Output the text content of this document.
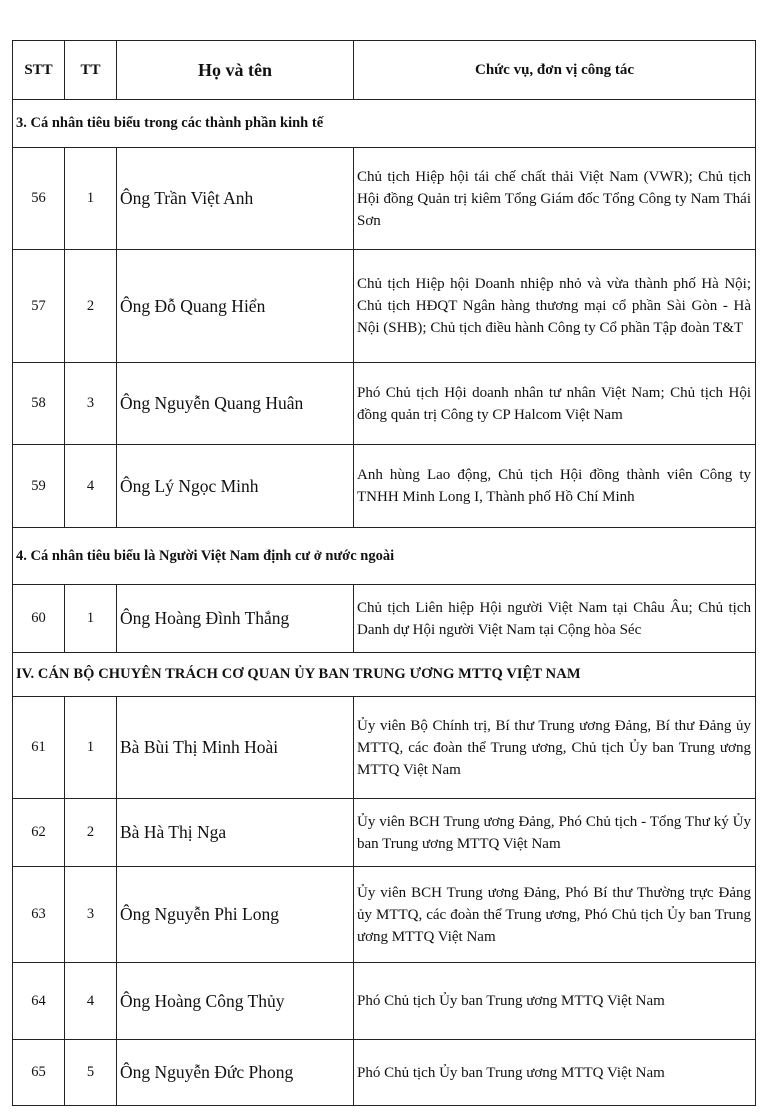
STT	TT	Họ và tên	Chức vụ, đơn vị công tác
3. Cá nhân tiêu biểu trong các thành phần kinh tế			
56	1	Ông Trần Việt Anh	Chủ tịch Hiệp hội tái chế chất thải Việt Nam (VWR); Chủ tịch Hội đồng Quản trị kiêm Tổng Giám đốc Tổng Công ty Nam Thái Sơn
57	2	Ông Đỗ Quang Hiển	Chủ tịch Hiệp hội Doanh nhiệp nhỏ và vừa thành phố Hà Nội; Chủ tịch HĐQT Ngân hàng thương mại cổ phần Sài Gòn - Hà Nội (SHB); Chủ tịch điều hành Công ty Cổ phần Tập đoàn T&T
58	3	Ông Nguyễn Quang Huân	Phó Chủ tịch Hội doanh nhân tư nhân Việt Nam; Chủ tịch Hội đồng quản trị Công ty CP Halcom Việt Nam
59	4	Ông Lý Ngọc Minh	Anh hùng Lao động, Chủ tịch Hội đồng thành viên Công ty TNHH Minh Long I, Thành phố Hồ Chí Minh
4. Cá nhân tiêu biểu là Người Việt Nam định cư ở nước ngoài			
60	1	Ông Hoàng Đình Thắng	Chủ tịch Liên hiệp Hội người Việt Nam tại Châu Âu; Chủ tịch Danh dự Hội người Việt Nam tại Cộng hòa Séc
IV. CÁN BỘ CHUYÊN TRÁCH CƠ QUAN ỦY BAN TRUNG ƯƠNG MTTQ VIỆT NAM			
61	1	Bà Bùi Thị Minh Hoài	Ủy viên Bộ Chính trị, Bí thư Trung ương Đảng, Bí thư Đảng ủy MTTQ, các đoàn thể Trung ương, Chủ tịch Ủy ban Trung ương MTTQ Việt Nam
62	2	Bà Hà Thị Nga	Ủy viên BCH Trung ương Đảng, Phó Chủ tịch - Tổng Thư ký Ủy ban Trung ương MTTQ Việt Nam
63	3	Ông Nguyễn Phi Long	Ủy viên BCH Trung ương Đảng, Phó Bí thư Thường trực Đảng ủy MTTQ, các đoàn thể Trung ương, Phó Chủ tịch Ủy ban Trung ương MTTQ Việt Nam
64	4	Ông Hoàng Công Thủy	Phó Chủ tịch Ủy ban Trung ương MTTQ Việt Nam
65	5	Ông Nguyễn Đức Phong	Phó Chủ tịch Ủy ban Trung ương MTTQ Việt Nam
